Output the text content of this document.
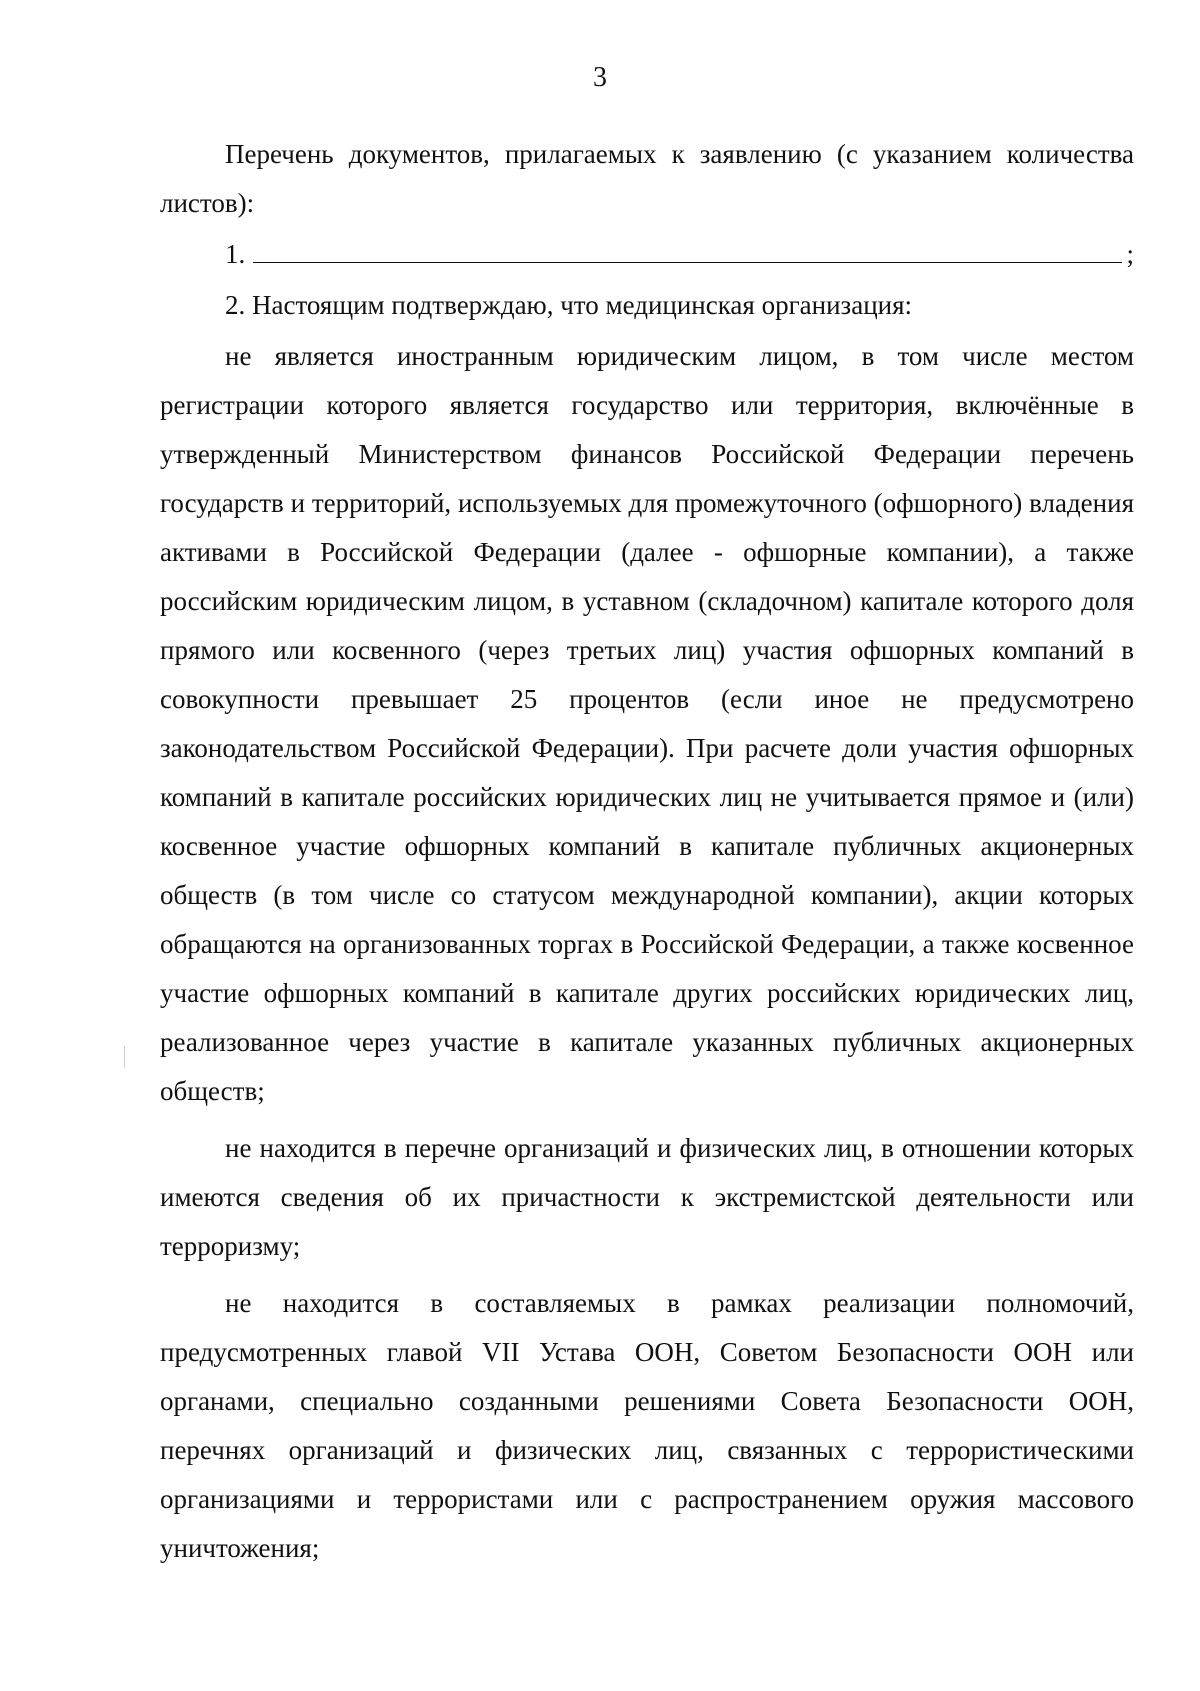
3

Перечень документов, прилагаемых к заявлению (с указанием количества листов):

1.	;

2. Настоящим подтверждаю, что медицинская организация:

не является иностранным юридическим лицом, в том числе местом регистрации которого является государство или территория, включённые в утвержденный Министерством финансов Российской Федерации перечень государств и территорий, используемых для промежуточного (офшорного) владения активами в Российской Федерации (далее - офшорные компании), а также российским юридическим лицом, в уставном (складочном) капитале которого доля прямого или косвенного (через третьих лиц) участия офшорных компаний в совокупности превышает 25 процентов (если иное не предусмотрено законодательством Российской Федерации). При расчете доли участия офшорных компаний в капитале российских юридических лиц не учитывается прямое и (или) косвенное участие офшорных компаний в капитале публичных акционерных обществ (в том числе со статусом международной компании), акции которых обращаются на организованных торгах в Российской Федерации, а также косвенное участие офшорных компаний в капитале других российских юридических лиц, реализованное через участие в капитале указанных публичных акционерных обществ;

не находится в перечне организаций и физических лиц, в отношении которых имеются сведения об их причастности к экстремистской деятельности или терроризму;

не находится в составляемых в рамках реализации полномочий, предусмотренных главой VII Устава ООН, Советом Безопасности ООН или органами, специально созданными решениями Совета Безопасности ООН, перечнях организаций и физических лиц, связанных с террористическими организациями и террористами или с распространением оружия массового уничтожения;
